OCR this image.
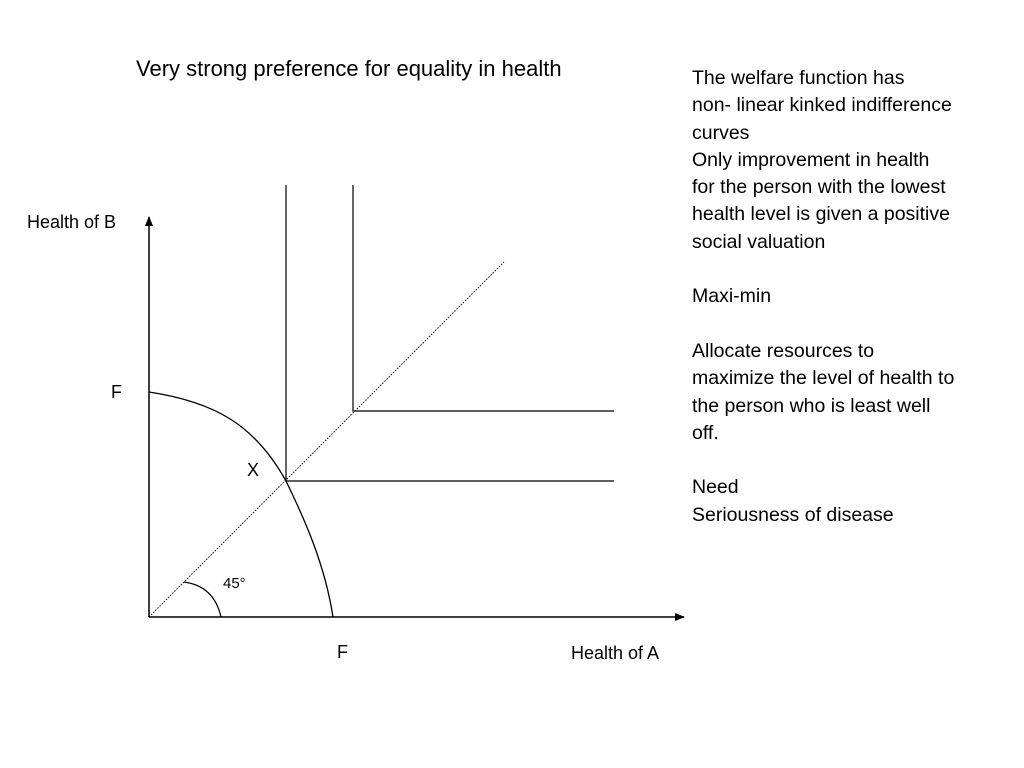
Very strong preference for equality in health	The welfare function has
non- linear kinked indifference
curves
Only improvement in health
for the person with the lowest
health level is given a positive
social valuation
Maxi-min
Allocate resources to
maximize the level of health to
the person who is least well
off.
Need
Seriousness of disease
Health of B
Health of A
F
F
X
45°
